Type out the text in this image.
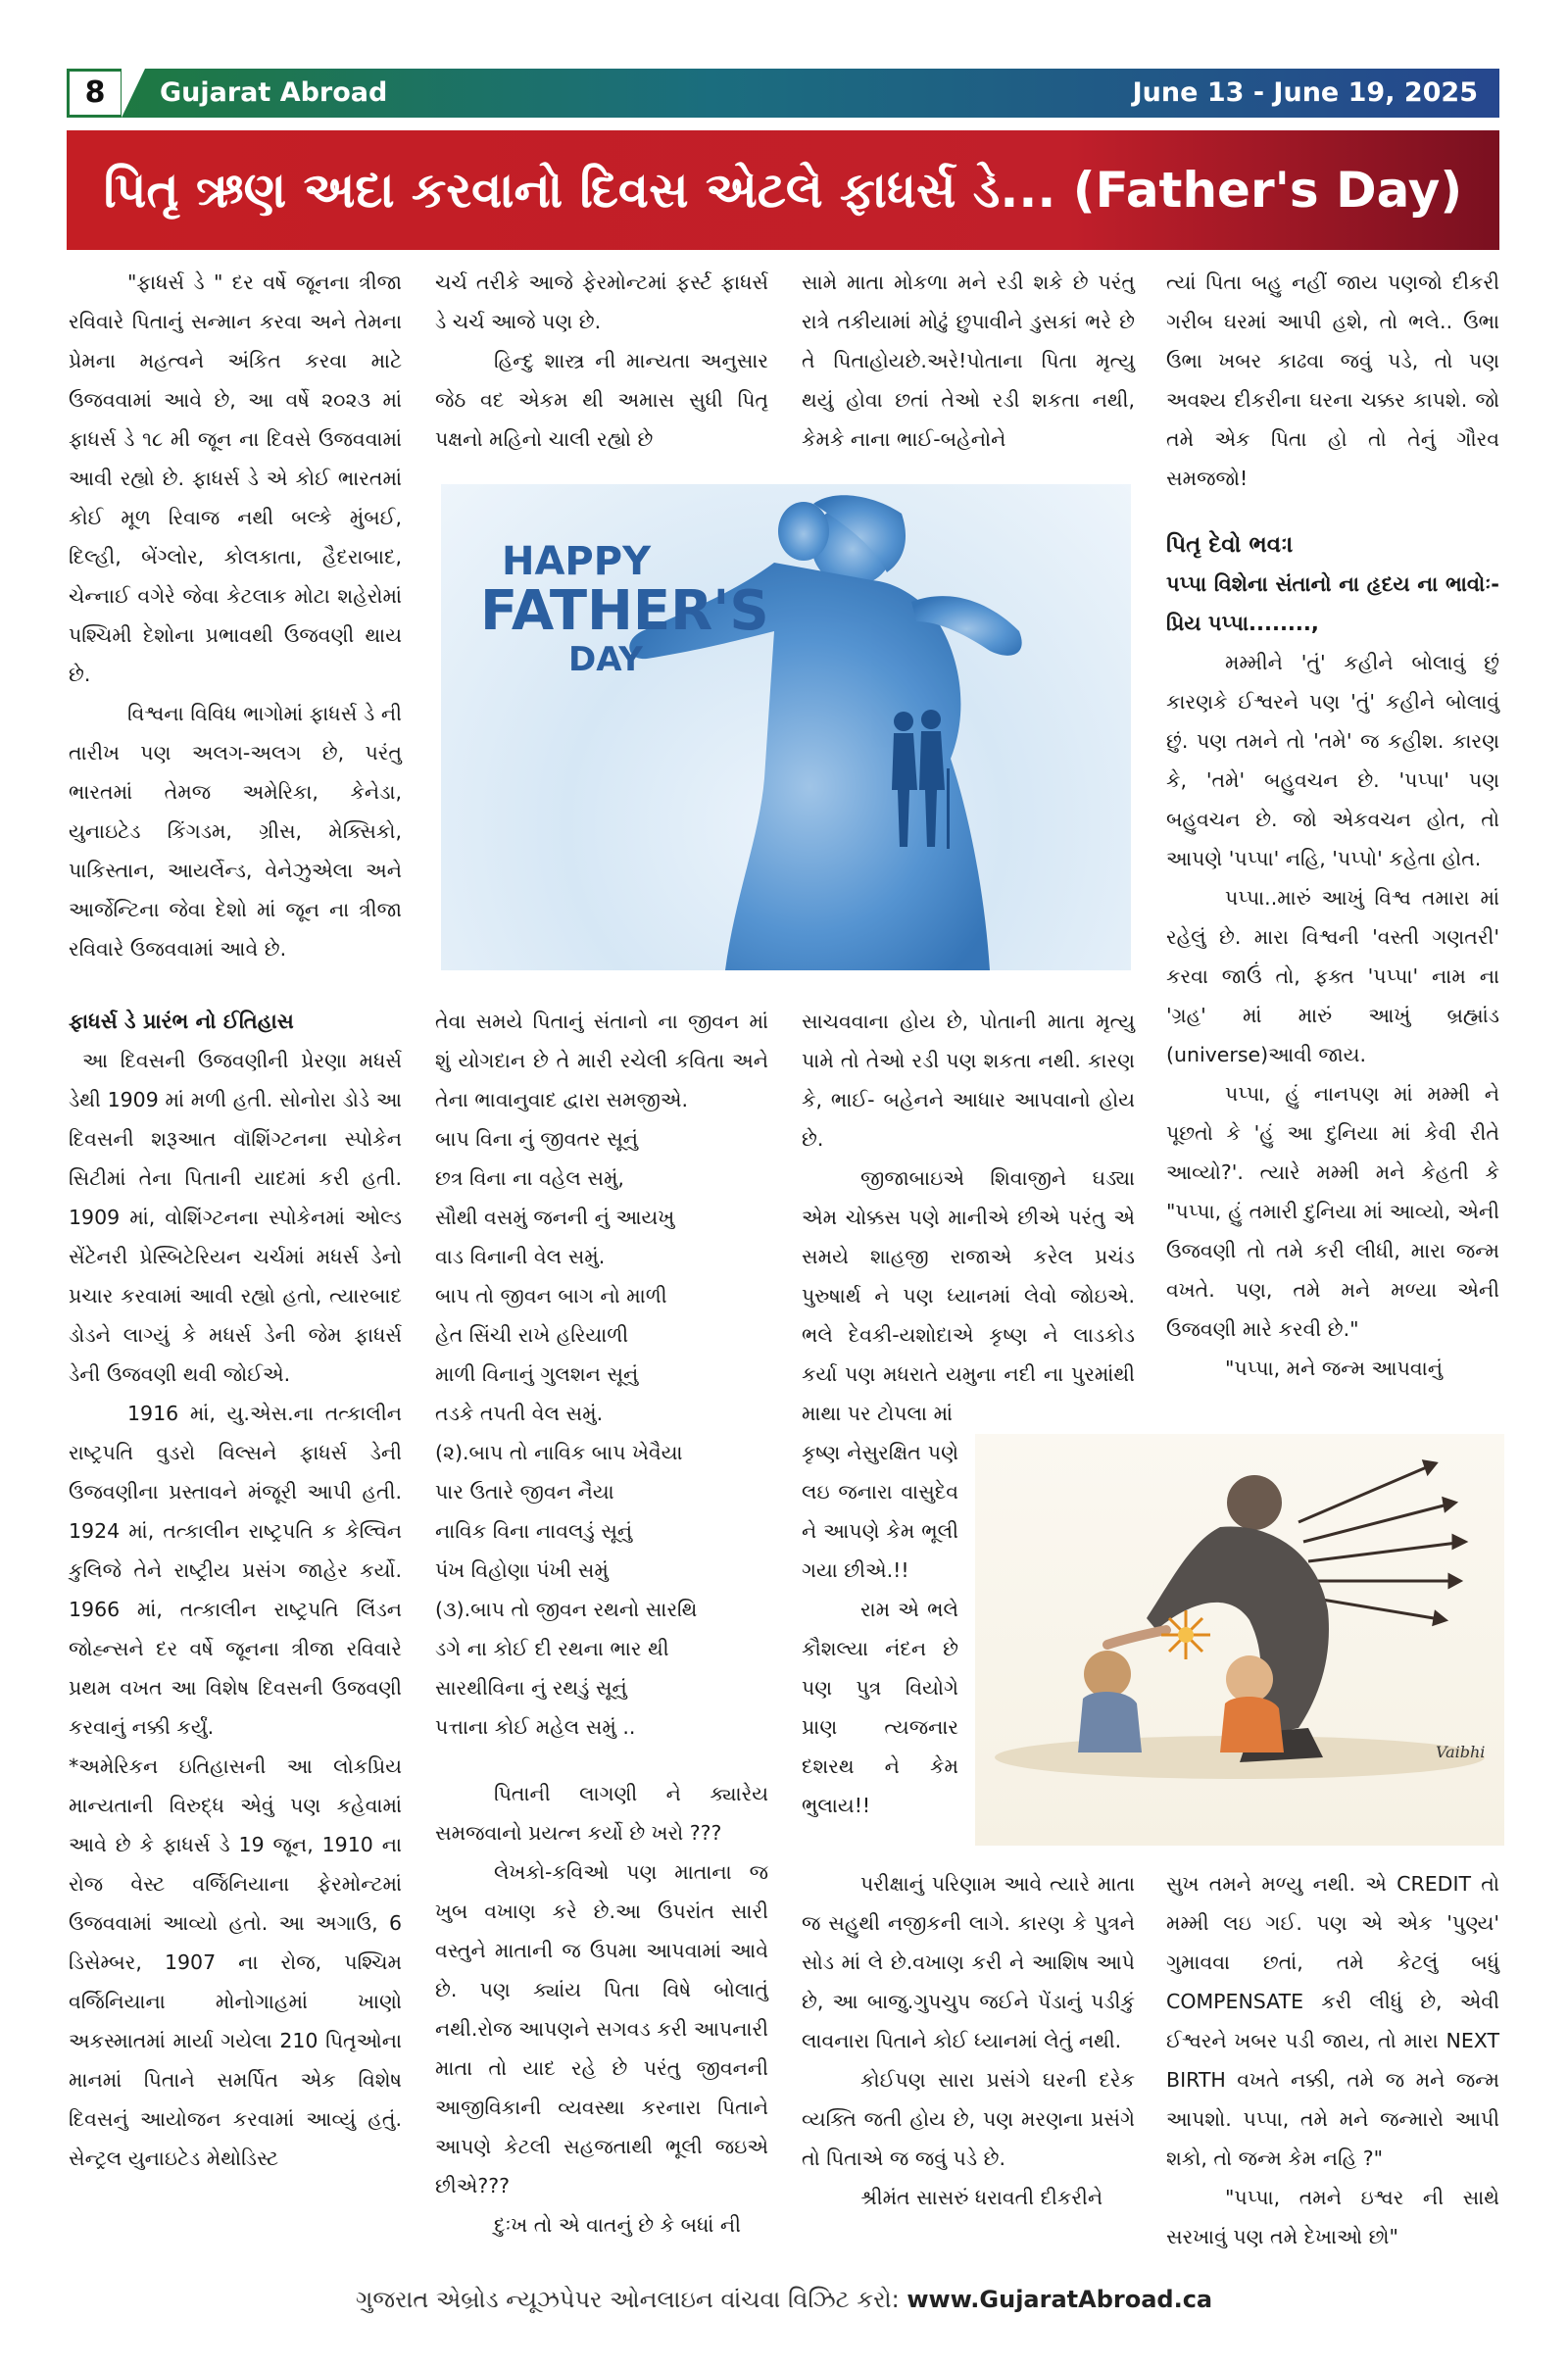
8	Gujarat Abroad	June 13 - June 19, 2025
પિતૃ ઋણ અદા કરવાનો દિવસ એટલે ફાધર્સ ડે... (Father's Day)

"ફાધર્સ ડે " દર વર્ષે જૂનના ત્રીજા રવિવારે પિતાનું સન્માન કરવા અને તેમના પ્રેમના મહત્વને અંકિત કરવા માટે ઉજવવામાં આવે છે, આ વર્ષે ૨૦૨૩ માં ફાધર્સ ડે ૧૮ મી જૂન ના દિવસે ઉજવવામાં આવી રહ્યો છે. ફાધર્સ ડે એ કોઈ ભારતમાં કોઈ મૂળ રિવાજ નથી બલ્કે મુંબઈ, દિલ્હી, બેંગ્લોર, કોલકાતા, હૈદરાબાદ, ચેન્નાઈ વગેરે જેવા કેટલાક મોટા શહેરોમાં પશ્ચિમી દેશોના પ્રભાવથી ઉજવણી થાય છે.

વિશ્વના વિવિધ ભાગોમાં ફાધર્સ ડે ની તારીખ પણ અલગ-અલગ છે, પરંતુ ભારતમાં તેમજ અમેરિકા, કેનેડા, યુનાઇટેડ કિંગડમ, ગ્રીસ, મેક્સિકો, પાકિસ્તાન, આયર્લેન્ડ, વેનેઝુએલા અને આર્જેન્ટિના જેવા દેશો માં જૂન ના ત્રીજા રવિવારે ઉજવવામાં આવે છે.

ફાધર્સ ડે પ્રારંભ નો ઈતિહાસ

આ દિવસની ઉજવણીની પ્રેરણા મધર્સ ડેથી 1909 માં મળી હતી. સોનોરા ડોડે આ દિવસની શરૂઆત વૉશિંગ્ટનના સ્પોકેન સિટીમાં તેના પિતાની યાદમાં કરી હતી. 1909 માં, વોશિંગ્ટનના સ્પોકેનમાં ઓલ્ડ સેંટેનરી પ્રેસ્બિટેરિયન ચર્ચમાં મધર્સ ડેનો પ્રચાર કરવામાં આવી રહ્યો હતો, ત્યારબાદ ડોડને લાગ્યું કે મધર્સ ડેની જેમ ફાધર્સ ડેની ઉજવણી થવી જોઈએ.

1916 માં, યુ.એસ.ના તત્કાલીન રાષ્ટ્રપતિ વુડરો વિલ્સને ફાધર્સ ડેની ઉજવણીના પ્રસ્તાવને મંજૂરી આપી હતી. 1924 માં, તત્કાલીન રાષ્ટ્રપતિ ક કેલ્વિન કુલિજે તેને રાષ્ટ્રીય પ્રસંગ જાહેર કર્યો. 1966 માં, તત્કાલીન રાષ્ટ્રપતિ લિંડન જોહ્ન્સને દર વર્ષે જૂનના ત્રીજા રવિવારે પ્રથમ વખત આ વિશેષ દિવસની ઉજવણી કરવાનું નક્કી કર્યું.

*અમેરિકન ઇતિહાસની આ લોકપ્રિય માન્યતાની વિરુદ્ધ એવું પણ કહેવામાં આવે છે કે ફાધર્સ ડે 19 જૂન, 1910 ના રોજ વેસ્ટ વર્જિનિયાના ફેરમોન્ટમાં ઉજવવામાં આવ્યો હતો. આ અગાઉ, 6 ડિસેમ્બર, 1907 ના રોજ, પશ્ચિમ વર્જિનિયાના મોનોગાહમાં ખાણો અકસ્માતમાં માર્યા ગયેલા 210 પિતૃઓના માનમાં પિતાને સમર્પિત એક વિશેષ દિવસનું આયોજન કરવામાં આવ્યું હતું. સેન્ટ્રલ યુનાઇટેડ મેથોડિસ્ટ

ચર્ચ તરીકે આજે ફેરમોન્ટમાં ફર્સ્ટ ફાધર્સ ડે ચર્ચ આજે પણ છે.

હિન્દુ શાસ્ત્ર ની માન્યતા અનુસાર જેઠ વદ એકમ થી અમાસ સુધી પિતૃ પક્ષનો મહિનો ચાલી રહ્યો છે

સામે માતા મોકળા મને રડી શકે છે પરંતુ રાત્રે તકીયામાં મોઢું છુપાવીને ડુસકાં ભરે છે તે પિતાહોયછે.અરે!પોતાના પિતા મૃત્યુ થયું હોવા છતાં તેઓ રડી શકતા નથી, કેમકે નાના ભાઈ-બહેનોને

HAPPY
FATHER'S
DAY

તેવા સમયે પિતાનું સંતાનો ના જીવન માં શું યોગદાન છે તે મારી રચેલી કવિતા અને તેના ભાવાનુવાદ દ્વારા સમજીએ.

બાપ વિના નું જીવતર સૂનું
છત્ર વિના ના વહેલ સમું,
સૌથી વસમું જનની નું આયખુ
વાડ વિનાની વેલ સમું.
બાપ તો જીવન બાગ નો માળી
હેત સિંચી રાખે હરિયાળી
માળી વિનાનું ગુલશન સૂનું
તડકે તપતી વેલ સમું.
(૨).બાપ તો નાવિક બાપ ખેવૈયા
પાર ઉતારે જીવન નૈયા
નાવિક વિના નાવલડું સૂનું
પંખ વિહોણા પંખી સમું
(૩).બાપ તો જીવન રથનો સારથિ
ડગે ના કોઈ દી રથના ભાર થી
સારથીવિના નું રથડું સૂનું
પત્તાના કોઈ મહેલ સમું ..

પિતાની લાગણી ને ક્યારેય સમજવાનો પ્રયત્ન કર્યો છે ખરો ???

લેખકો-કવિઓ પણ માતાના જ ખુબ વખાણ કરે છે.આ ઉપરાંત સારી વસ્તુને માતાની જ ઉપમા આપવામાં આવે છે. પણ ક્યાંય પિતા વિષે બોલાતું નથી.રોજ આપણને સગવડ કરી આપનારી માતા તો યાદ રહે છે પરંતુ જીવનની આજીવિકાની વ્યવસ્થા કરનારા પિતાને આપણે કેટલી સહજતાથી ભૂલી જઇએ છીએ???

દુઃખ તો એ વાતનું છે કે બધાં ની

સાચવવાના હોય છે, પોતાની માતા મૃત્યુ પામે તો તેઓ રડી પણ શકતા નથી. કારણ કે, ભાઈ- બહેનને આધાર આપવાનો હોય છે.

જીજાબાઇએ શિવાજીને ઘડ્યા એમ ચોક્કસ પણે માનીએ છીએ પરંતુ એ સમયે શાહજી રાજાએ કરેલ પ્રચંડ પુરુષાર્થ ને પણ ધ્યાનમાં લેવો જોઇએ. ભલે દેવકી-યશોદાએ કૃષ્ણ ને લાડકોડ કર્યા પણ મધરાતે યમુના નદી ના પુરમાંથી માથા પર ટોપલા માં

કૃષ્ણ નેસુરક્ષિત પણે લઇ જનારા વાસુદેવ ને આપણે કેમ ભૂલી ગયા છીએ.!!

રામ એ ભલે કૌશલ્યા નંદન છે પણ પુત્ર વિયોગે પ્રાણ ત્યજનાર દશરથ ને કેમ ભુલાય!!

પરીક્ષાનું પરિણામ આવે ત્યારે માતા જ સહુથી નજીકની લાગે. કારણ કે પુત્રને સોડ માં લે છે.વખાણ કરી ને આશિષ આપે છે, આ બાજુ.ગુપચુપ જઈને પેંડાનું પડીકું લાવનારા પિતાને કોઈ ધ્યાનમાં લેતું નથી.

કોઈપણ સારા પ્રસંગે ઘરની દરેક વ્યક્તિ જતી હોય છે, પણ મરણના પ્રસંગે તો પિતાએ જ જવું પડે છે.

શ્રીમંત સાસરું ધરાવતી દીકરીને

ત્યાં પિતા બહુ નહીં જાય પણજો દીકરી ગરીબ ઘરમાં આપી હશે, તો ભલે.. ઉભા ઉભા ખબર કાઢવા જવું પડે, તો પણ અવશ્ય દીકરીના ઘરના ચક્કર કાપશે. જો તમે એક પિતા હો તો તેનું ગૌરવ સમજજો!

પિતૃ દેવો ભવઃ।
પપ્પા વિશેના સંતાનો ના હૃદય ના ભાવોઃ- પ્રિય પપ્પા........,

મમ્મીને 'તું' કહીને બોલાવું છું કારણકે ઈશ્વરને પણ 'તું' કહીને બોલાવું છું. પણ તમને તો 'તમે' જ કહીશ. કારણ કે, 'તમે' બહુવચન છે. 'પપ્પા' પણ બહુવચન છે. જો એકવચન હોત, તો આપણે 'પપ્પા' નહિ, 'પપ્પો' કહેતા હોત.

પપ્પા..મારું આખું વિશ્વ તમારા માં રહેલું છે. મારા વિશ્વની 'વસ્તી ગણતરી' કરવા જાઉં તો, ફક્ત 'પપ્પા' નામ ના 'ગ્રહ' માં મારું આખું બ્રહ્માંડ (universe)આવી જાય.

પપ્પા, હું નાનપણ માં મમ્મી ને પૂછતો કે 'હું આ દુનિયા માં કેવી રીતે આવ્યો?'. ત્યારે મમ્મી મને કેહતી કે "પપ્પા, હું તમારી દુનિયા માં આવ્યો, એની ઉજવણી તો તમે કરી લીધી, મારા જન્મ વખતે. પણ, તમે મને મળ્યા એની ઉજવણી મારે કરવી છે."

"પપ્પા, મને જન્મ આપવાનું

Vaibhi

સુખ તમને મળ્યુ નથી. એ CREDIT તો મમ્મી લઇ ગઈ. પણ એ એક 'પુણ્ય' ગુમાવવા છતાં, તમે કેટલું બધું COMPENSATE કરી લીધું છે, એવી ઈશ્વરને ખબર પડી જાય, તો મારા NEXT BIRTH વખતે નક્કી, તમે જ મને જન્મ આપશો. પપ્પા, તમે મને જન્મારો આપી શકો, તો જન્મ કેમ નહિ ?"

"પપ્પા, તમને ઇશ્વર ની સાથે સરખાવું પણ તમે દેખાઓ છો"

ગુજરાત એબ્રોડ ન્યૂઝપેપર ઓનલાઇન વાંચવા વિઝિટ કરો: www.GujaratAbroad.ca
